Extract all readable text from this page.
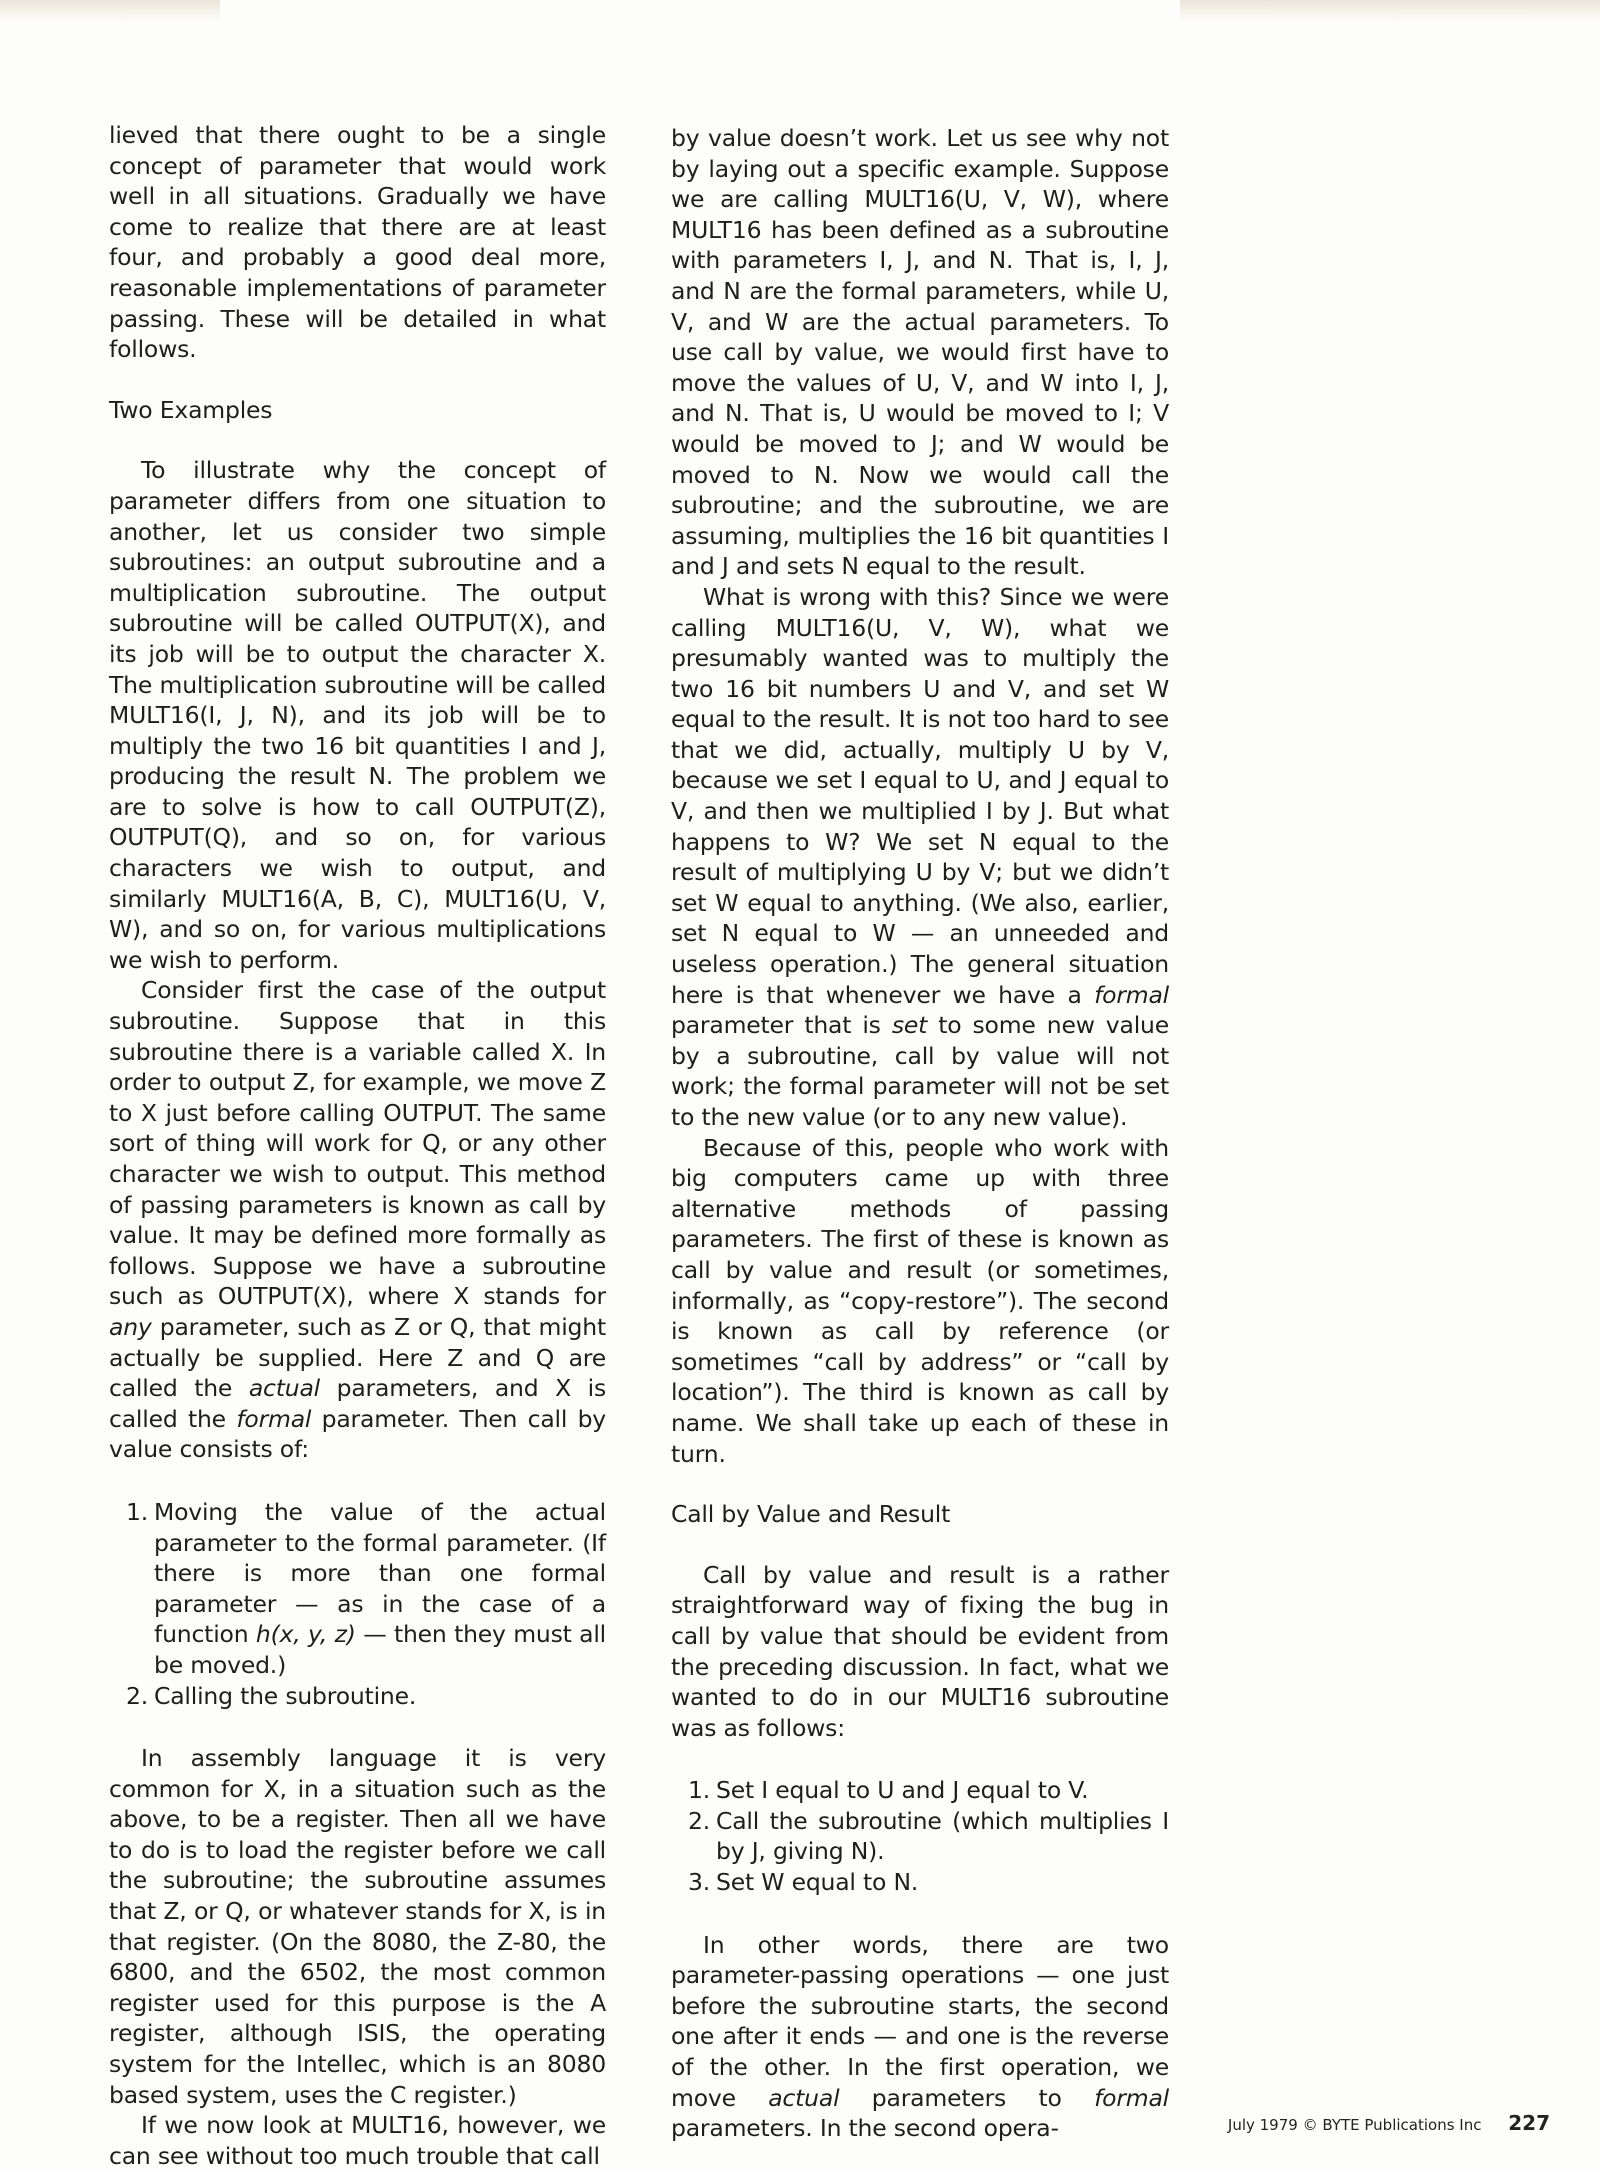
lieved that there ought to be a single concept of parameter that would work well in all situations. Gradually we have come to realize that there are at least four, and probably a good deal more, reasonable implementations of parameter passing. These will be detailed in what follows.

Two Examples

To illustrate why the concept of parameter differs from one situation to another, let us consider two simple subroutines: an output subroutine and a multiplication subroutine. The output subroutine will be called OUTPUT(X), and its job will be to output the character X. The multiplication subroutine will be called MULT16(I, J, N), and its job will be to multiply the two 16 bit quantities I and J, producing the result N. The problem we are to solve is how to call OUTPUT(Z), OUTPUT(Q), and so on, for various characters we wish to output, and similarly MULT16(A, B, C), MULT16(U, V, W), and so on, for various multiplications we wish to perform.

Consider first the case of the output subroutine. Suppose that in this subroutine there is a variable called X. In order to output Z, for example, we move Z to X just before calling OUTPUT. The same sort of thing will work for Q, or any other character we wish to output. This method of passing parameters is known as call by value. It may be defined more formally as follows. Suppose we have a subroutine such as OUTPUT(X), where X stands for any parameter, such as Z or Q, that might actually be supplied. Here Z and Q are called the actual parameters, and X is called the formal parameter. Then call by value consists of:

1. Moving the value of the actual parameter to the formal parameter. (If there is more than one formal parameter — as in the case of a function h(x, y, z) — then they must all be moved.)
2. Calling the subroutine.

In assembly language it is very common for X, in a situation such as the above, to be a register. Then all we have to do is to load the register before we call the subroutine; the subroutine assumes that Z, or Q, or whatever stands for X, is in that register. (On the 8080, the Z-80, the 6800, and the 6502, the most common register used for this purpose is the A register, although ISIS, the operating system for the Intellec, which is an 8080 based system, uses the C register.)

If we now look at MULT16, however, we can see without too much trouble that call

by value doesn’t work. Let us see why not by laying out a specific example. Suppose we are calling MULT16(U, V, W), where MULT16 has been defined as a subroutine with parameters I, J, and N. That is, I, J, and N are the formal parameters, while U, V, and W are the actual parameters. To use call by value, we would first have to move the values of U, V, and W into I, J, and N. That is, U would be moved to I; V would be moved to J; and W would be moved to N. Now we would call the subroutine; and the subroutine, we are assuming, multiplies the 16 bit quantities I and J and sets N equal to the result.

What is wrong with this? Since we were calling MULT16(U, V, W), what we presumably wanted was to multiply the two 16 bit numbers U and V, and set W equal to the result. It is not too hard to see that we did, actually, multiply U by V, because we set I equal to U, and J equal to V, and then we multiplied I by J. But what happens to W? We set N equal to the result of multiplying U by V; but we didn’t set W equal to anything. (We also, earlier, set N equal to W — an unneeded and useless operation.) The general situation here is that whenever we have a formal parameter that is set to some new value by a subroutine, call by value will not work; the formal parameter will not be set to the new value (or to any new value).

Because of this, people who work with big computers came up with three alternative methods of passing parameters. The first of these is known as call by value and result (or sometimes, informally, as “copy-restore”). The second is known as call by reference (or sometimes “call by address” or “call by location”). The third is known as call by name. We shall take up each of these in turn.

Call by Value and Result

Call by value and result is a rather straightforward way of fixing the bug in call by value that should be evident from the preceding discussion. In fact, what we wanted to do in our MULT16 subroutine was as follows:

1. Set I equal to U and J equal to V.
2. Call the subroutine (which multiplies I by J, giving N).
3. Set W equal to N.

In other words, there are two parameter-passing operations — one just before the subroutine starts, the second one after it ends — and one is the reverse of the other. In the first operation, we move actual parameters to formal parameters. In the second opera-	July 1979 © BYTE Publications Inc 227
